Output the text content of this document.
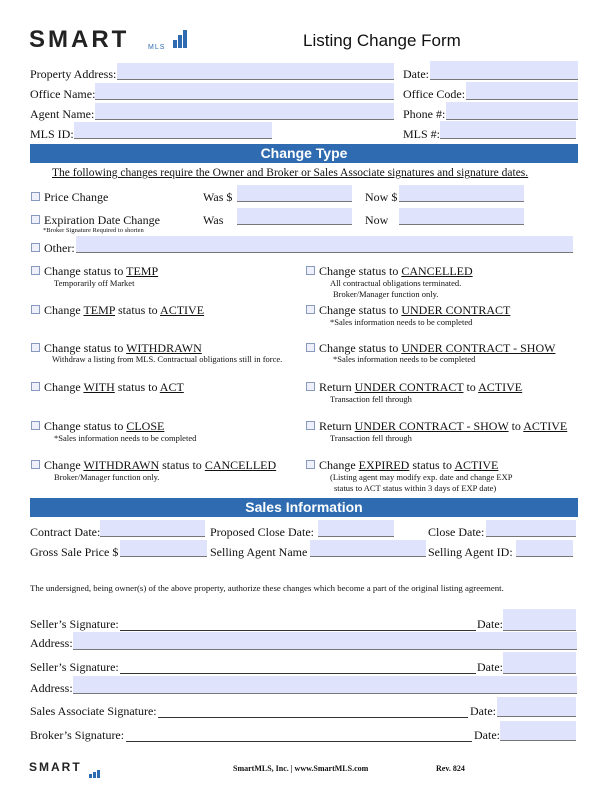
SMART	MLS	Listing Change Form
Property Address:	Date:
Office Name:	Office Code:
Agent Name:	Phone #:
MLS ID:	MLS #:
Change Type
The following changes require the Owner and Broker or Sales Associate signatures and signature dates.
Price Change	Was $	Now $
Expiration Date Change
*Broker Signature Required to shorten
Was	Now
Other:
Change status to TEMP
Temporarily off Market
Change TEMP status to ACTIVE
Change status to WITHDRAWN
Withdraw a listing from MLS. Contractual obligations still in force.
Change WITH status to ACT
Change status to CLOSE
*Sales information needs to be completed
Change WITHDRAWN status to CANCELLED
Broker/Manager function only.
Change status to CANCELLED
All contractual obligations terminated.
Broker/Manager function only.
Change status to UNDER CONTRACT
*Sales information needs to be completed
Change status to UNDER CONTRACT - SHOW
*Sales information needs to be completed
Return UNDER CONTRACT to ACTIVE
Transaction fell through
Return UNDER CONTRACT - SHOW to ACTIVE
Transaction fell through
Change EXPIRED status to ACTIVE
(Listing agent may modify exp. date and change EXP
status to ACT status within 3 days of EXP date)
Sales Information
Contract Date:	Proposed Close Date:	Close Date:
Gross Sale Price $	Selling Agent Name	Selling Agent ID:
The undersigned, being owner(s) of the above property, authorize these changes which become a part of the original listing agreement.
Seller’s Signature:	Date:
Address:
Seller’s Signature:	Date:
Address:
Sales Associate Signature:	Date:
Broker’s Signature:	Date:
SMART	SmartMLS, Inc. | www.SmartMLS.com	Rev. 824
